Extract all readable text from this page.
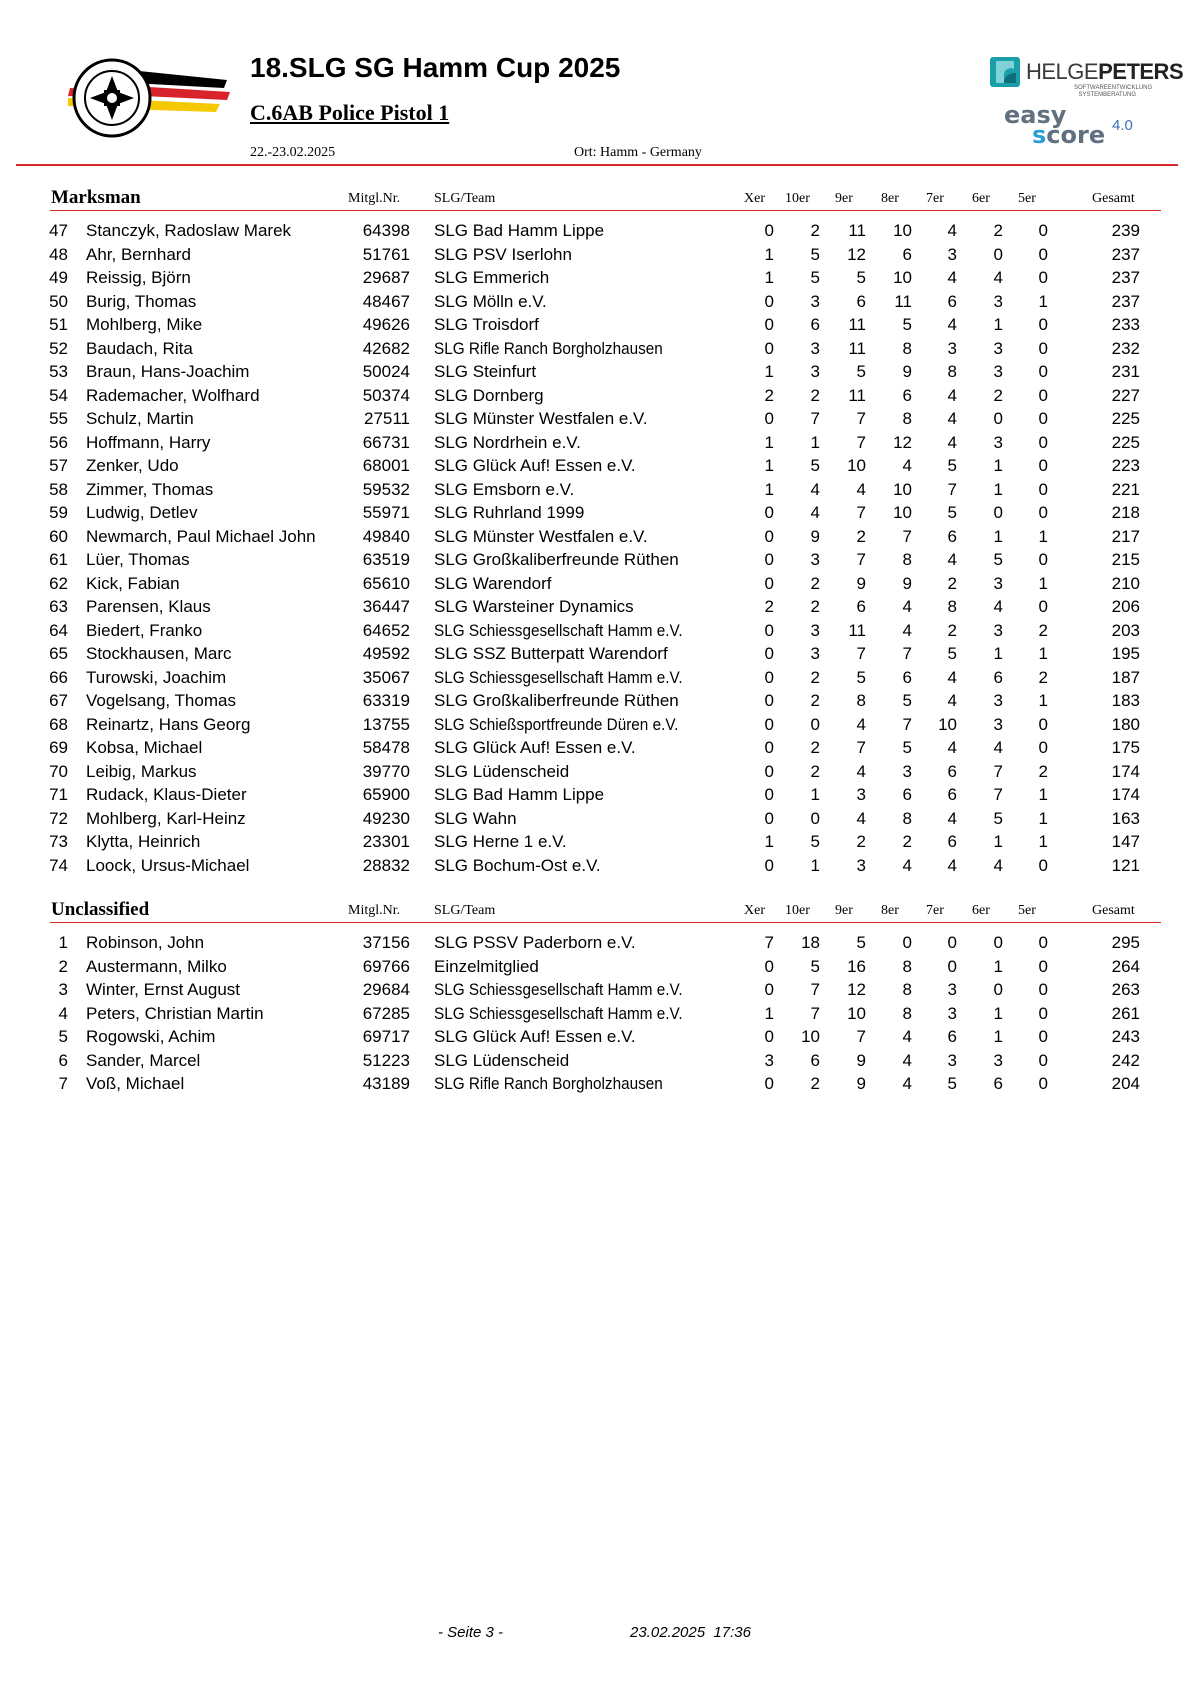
18.SLG SG Hamm Cup 2025
C.6AB Police Pistol 1
22.-23.02.2025	Ort: Hamm - Germany
HELGEPETERS
SOFTWAREENTWICKLUNG SYSTEMBERATUNG
easy
score 4.0
Marksman	Mitgl.Nr. SLG/Team	Xer 10er 9er 8er 7er 6er 5er	Gesamt
47 Stanczyk, Radoslaw Marek	64398 SLG Bad Hamm Lippe	0	2	11	10	4	2	0	239
48 Ahr, Bernhard	51761 SLG PSV Iserlohn	1	5	12	6	3	0	0	237
49 Reissig, Björn	29687 SLG Emmerich	1	5	5	10	4	4	0	237
50 Burig, Thomas	48467 SLG Mölln e.V.	0	3	6	11	6	3	1	237
51 Mohlberg, Mike	49626 SLG Troisdorf	0	6	11	5	4	1	0	233
52 Baudach, Rita	42682 SLG Rifle Ranch Borgholzhausen	0	3	11	8	3	3	0	232
53 Braun, Hans-Joachim	50024 SLG Steinfurt	1	3	5	9	8	3	0	231
54 Rademacher, Wolfhard	50374 SLG Dornberg	2	2	11	6	4	2	0	227
55 Schulz, Martin	27511 SLG Münster Westfalen e.V.	0	7	7	8	4	0	0	225
56 Hoffmann, Harry	66731 SLG Nordrhein e.V.	1	1	7	12	4	3	0	225
57 Zenker, Udo	68001 SLG Glück Auf! Essen e.V.	1	5	10	4	5	1	0	223
58 Zimmer, Thomas	59532 SLG Emsborn e.V.	1	4	4	10	7	1	0	221
59 Ludwig, Detlev	55971 SLG Ruhrland 1999	0	4	7	10	5	0	0	218
60 Newmarch, Paul Michael John	49840 SLG Münster Westfalen e.V.	0	9	2	7	6	1	1	217
61 Lüer, Thomas	63519 SLG Großkaliberfreunde Rüthen	0	3	7	8	4	5	0	215
62 Kick, Fabian	65610 SLG Warendorf	0	2	9	9	2	3	1	210
63 Parensen, Klaus	36447 SLG Warsteiner Dynamics	2	2	6	4	8	4	0	206
64 Biedert, Franko	64652 SLG Schiessgesellschaft Hamm e.V.	0	3	11	4	2	3	2	203
65 Stockhausen, Marc	49592 SLG SSZ Butterpatt Warendorf	0	3	7	7	5	1	1	195
66 Turowski, Joachim	35067 SLG Schiessgesellschaft Hamm e.V.	0	2	5	6	4	6	2	187
67 Vogelsang, Thomas	63319 SLG Großkaliberfreunde Rüthen	0	2	8	5	4	3	1	183
68 Reinartz, Hans Georg	13755 SLG Schießsportfreunde Düren e.V.	0	0	4	7	10	3	0	180
69 Kobsa, Michael	58478 SLG Glück Auf! Essen e.V.	0	2	7	5	4	4	0	175
70 Leibig, Markus	39770 SLG Lüdenscheid	0	2	4	3	6	7	2	174
71 Rudack, Klaus-Dieter	65900 SLG Bad Hamm Lippe	0	1	3	6	6	7	1	174
72 Mohlberg, Karl-Heinz	49230 SLG Wahn	0	0	4	8	4	5	1	163
73 Klytta, Heinrich	23301 SLG Herne 1 e.V.	1	5	2	2	6	1	1	147
74 Loock, Ursus-Michael	28832 SLG Bochum-Ost e.V.	0	1	3	4	4	4	0	121
Unclassified	Mitgl.Nr. SLG/Team	Xer 10er 9er 8er 7er 6er 5er	Gesamt
1 Robinson, John	37156 SLG PSSV Paderborn e.V.	7	18	5	0	0	0	0	295
2 Austermann, Milko	69766 Einzelmitglied	0	5	16	8	0	1	0	264
3 Winter, Ernst August	29684 SLG Schiessgesellschaft Hamm e.V.	0	7	12	8	3	0	0	263
4 Peters, Christian Martin	67285 SLG Schiessgesellschaft Hamm e.V.	1	7	10	8	3	1	0	261
5 Rogowski, Achim	69717 SLG Glück Auf! Essen e.V.	0	10	7	4	6	1	0	243
6 Sander, Marcel	51223 SLG Lüdenscheid	3	6	9	4	3	3	0	242
7 Voß, Michael	43189 SLG Rifle Ranch Borgholzhausen	0	2	9	4	5	6	0	204
- Seite 3 -	23.02.2025  17:36
